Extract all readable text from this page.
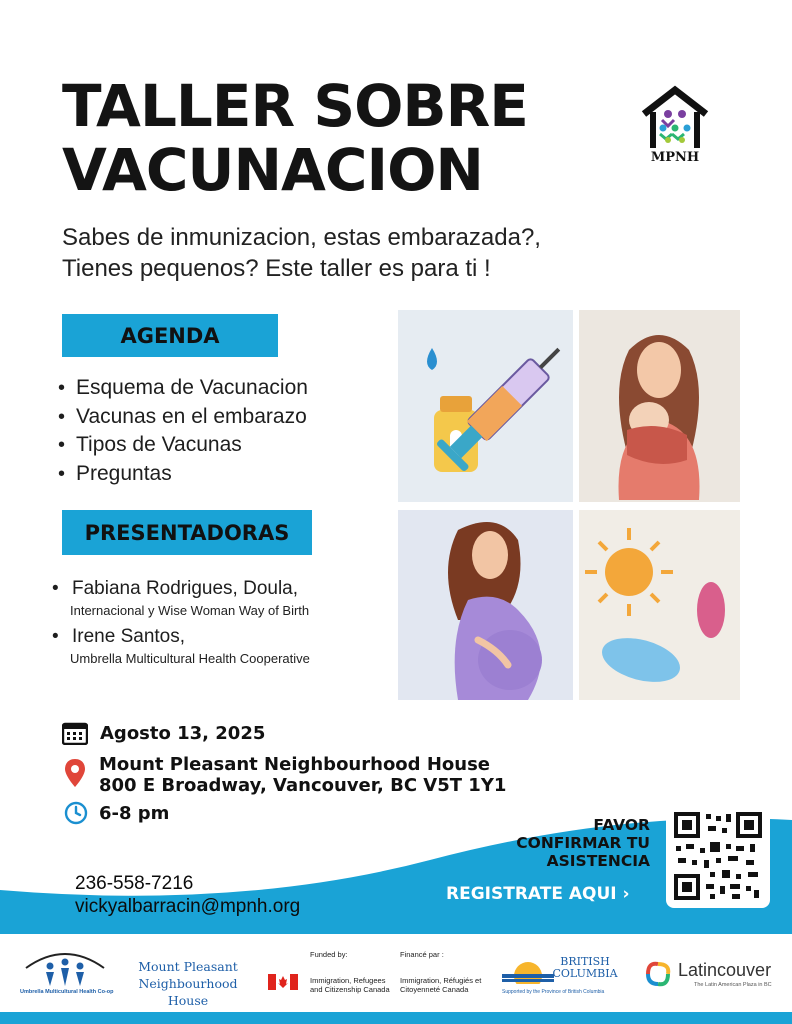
TALLER SOBRE
VACUNACION
Sabes de inmunizacion, estas embarazada?,
Tienes pequenos? Este taller es para ti !
MPNH
AGENDA
• Esquema de Vacunacion
• Vacunas en el embarazo
• Tipos de Vacunas
• Preguntas
PRESENTADORAS
• Fabiana Rodrigues, Doula,
Internacional y Wise Woman Way of Birth
• Irene Santos,
Umbrella Multicultural Health Cooperative
Agosto 13, 2025
Mount Pleasant Neighbourhood House
800 E Broadway, Vancouver, BC V5T 1Y1
6-8 pm
236-558-7216
vickyalbarracin@mpnh.org
FAVOR
CONFIRMAR TU
ASISTENCIA
REGISTRATE AQUI ›
Umbrella Multicultural Health Co-op
Mount Pleasant
Neighbourhood House
Funded by:
Immigration, Refugees and Citizenship Canada
Financé par :
Immigration, Réfugiés et Citoyenneté Canada
BRITISH
COLUMBIA
Supported by the Province of British Columbia
Latincouver
The Latin American Plaza in BC
